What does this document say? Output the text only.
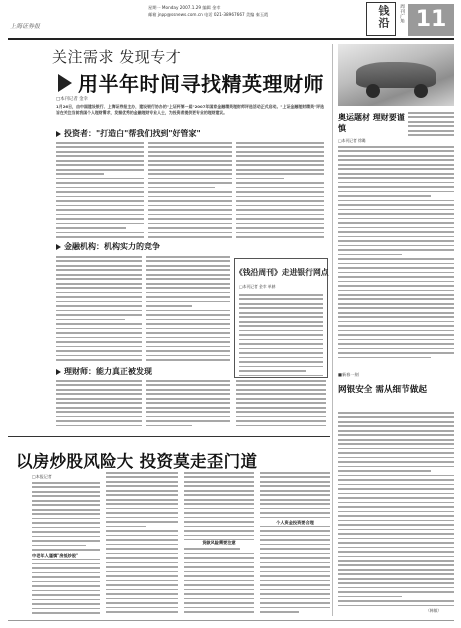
上海证券报
星期一 Monday 2007.1.29 编辑 金幸
邮箱 jnpp@ssnews.com.cn 电话 021-38967667 美编 秦玉霞	钱沿 周刊广角 11
关注需求 发现专才
用半年时间寻找精英理财师
□本刊记者 金幸
1月26日，由中国建设银行、上海证券报主办，建设银行协办的"上证杯第一届"2007年国家金融精英理财师评选活动正式启动。"上证金融理财精英"评选旨在关注当前我国个人理财需求，发掘优秀的金融理财专业人士，为投资者提供更专业的理财建议。
投资者："打造白"帮我们找到"好管家"
金融机构：机构实力的竞争
理财师：能力真正被发现
《钱沿周刊》走进银行网点
□本刊记者 金幸 单赫
奥运题材 理财要谨慎
□本刊记者 徐璐
■新春一刻
网银安全 需从细节做起
（韩敏）
以房炒股风险大 投资莫走歪门道
□本报记者
中老年人谨慎"房抵炒股"
贷款风险需要注意
个人资金投资要合理
